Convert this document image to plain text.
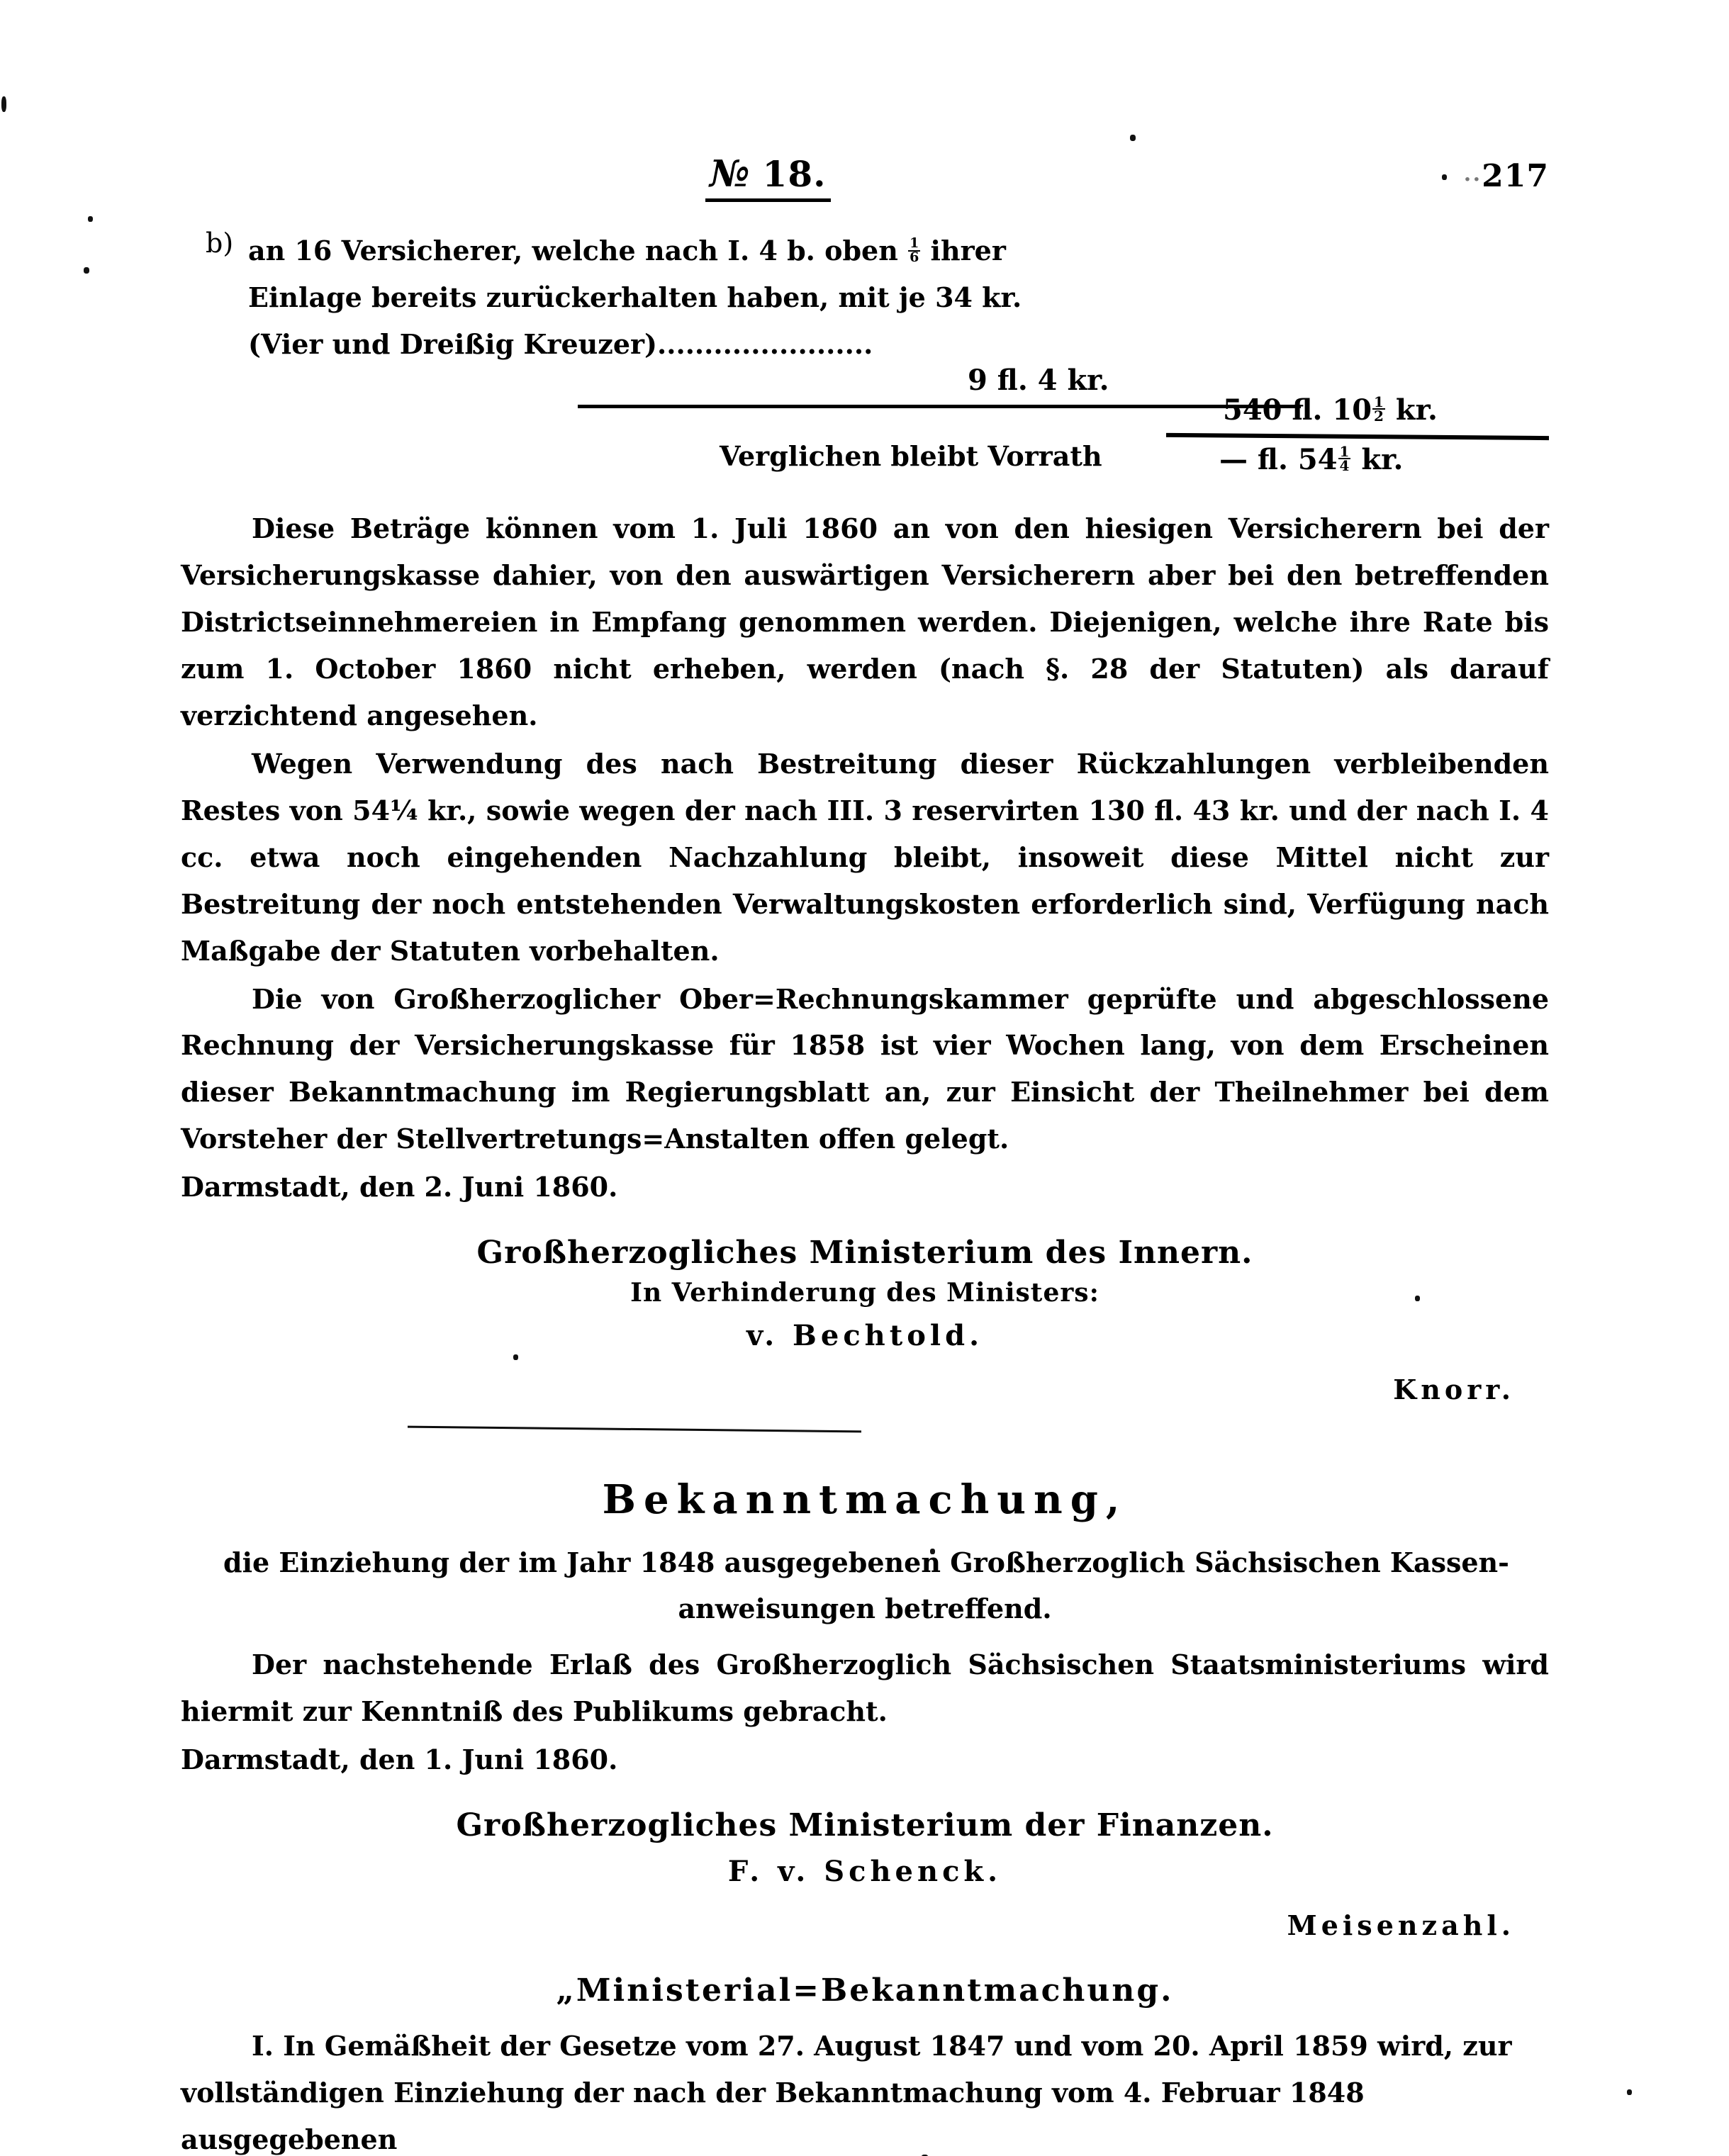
№ 18.	· · 217
b) an 16 Versicherer, welche nach I. 4 b. oben $\frac{1}{6}$ ihrer
Einlage bereits zurückerhalten haben, mit je 34 kr.
(Vier und Dreißig Kreuzer).......................
9 fl. 4 kr.
540 fl. $10 \frac{1}{2}$ kr.
Verglichen bleibt Vorrath	— fl. $54 \frac{1}{4}$ kr.

Diese Beträge können vom 1. Juli 1860 an von den hiesigen Versicherern bei der Versicherungskasse dahier, von den auswärtigen Versicherern aber bei den betreffenden Districtseinnehmereien in Empfang genommen werden. Diejenigen, welche ihre Rate bis zum 1. October 1860 nicht erheben, werden (nach §. 28 der Statuten) als darauf verzichtend angesehen.

Wegen Verwendung des nach Bestreitung dieser Rückzahlungen verbleibenden Restes von 54¼ kr., sowie wegen der nach III. 3 reservirten 130 fl. 43 kr. und der nach I. 4 cc. etwa noch eingehenden Nachzahlung bleibt, insoweit diese Mittel nicht zur Bestreitung der noch entstehenden Verwaltungskosten erforderlich sind, Verfügung nach Maßgabe der Statuten vorbehalten.

Die von Großherzoglicher Ober=Rechnungskammer geprüfte und abgeschlossene Rechnung der Versicherungskasse für 1858 ist vier Wochen lang, von dem Erscheinen dieser Bekanntmachung im Regierungsblatt an, zur Einsicht der Theilnehmer bei dem Vorsteher der Stellvertretungs=Anstalten offen gelegt.

Darmstadt, den 2. Juni 1860.
Großherzogliches Ministerium des Innern.
In Verhinderung des Ministers:
v. Bechtold.
Knorr.
Bekanntmachung,
die Einziehung der im Jahr 1848 ausgegebenen Großherzoglich Sächsischen Kassen-
anweisungen betreffend.

Der nachstehende Erlaß des Großherzoglich Sächsischen Staatsministeriums wird hiermit zur Kenntniß des Publikums gebracht.

Darmstadt, den 1. Juni 1860.
Großherzogliches Ministerium der Finanzen.
F. v. Schenck.
Meisenzahl.
„Ministerial=Bekanntmachung.

I. In Gemäßheit der Gesetze vom 27. August 1847 und vom 20. April 1859 wird, zur vollständigen Einziehung der nach der Bekanntmachung vom 4. Februar 1848 ausgegebenen
